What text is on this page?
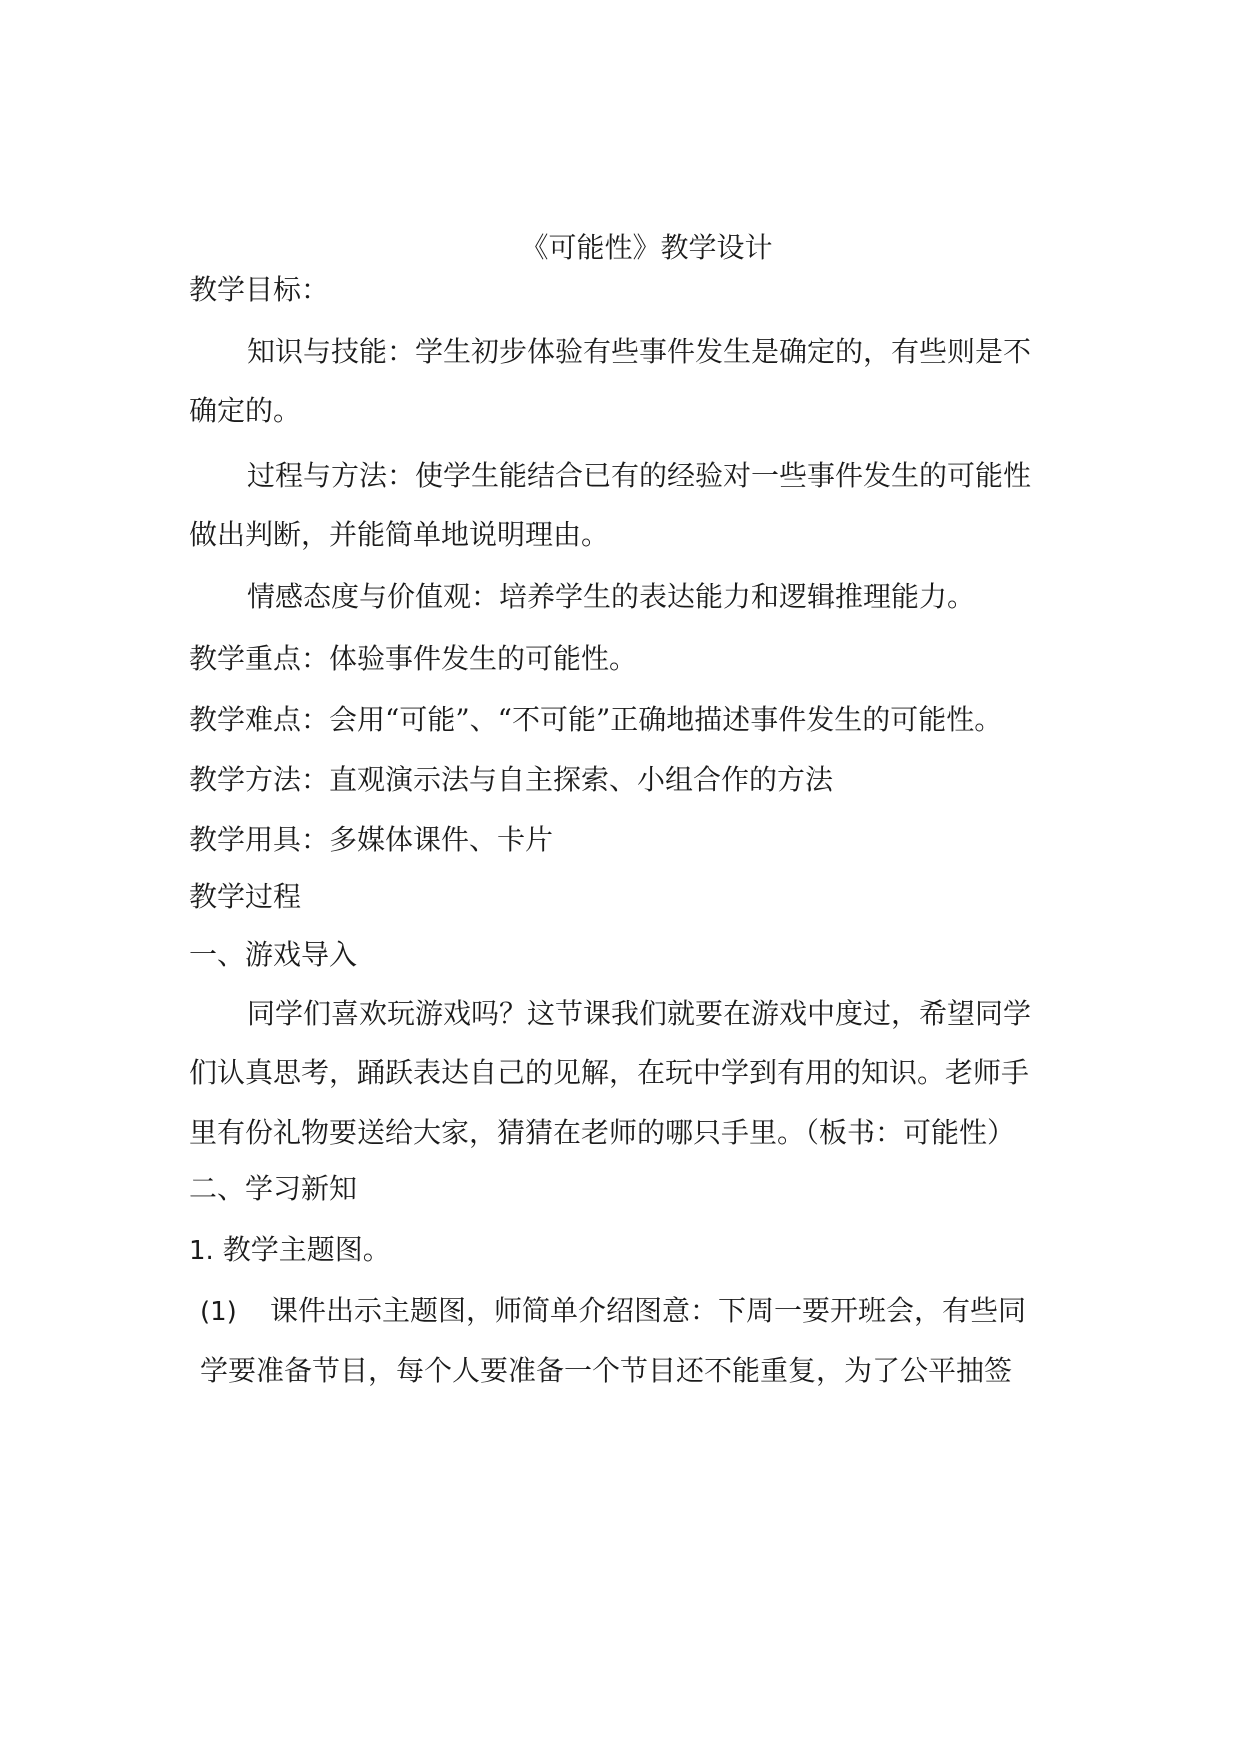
《可能性》教学设计

教学目标：

知识与技能：学生初步体验有些事件发生是确定的，有些则是不

确定的。

过程与方法：使学生能结合已有的经验对一些事件发生的可能性

做出判断，并能简单地说明理由。

情感态度与价值观：培养学生的表达能力和逻辑推理能力。

教学重点：体验事件发生的可能性。

教学难点：会用“可能”、“不可能”正确地描述事件发生的可能性。

教学方法：直观演示法与自主探索、小组合作的方法

教学用具：多媒体课件、卡片

教学过程

一、游戏导入

同学们喜欢玩游戏吗？这节课我们就要在游戏中度过，希望同学

们认真思考，踊跃表达自己的见解，在玩中学到有用的知识。老师手

里有份礼物要送给大家，猜猜在老师的哪只手里。（板书：可能性）

二、学习新知

1. 教学主题图。

(1) 课件出示主题图，师简单介绍图意：下周一要开班会，有些同

学要准备节目，每个人要准备一个节目还不能重复，为了公平抽签
